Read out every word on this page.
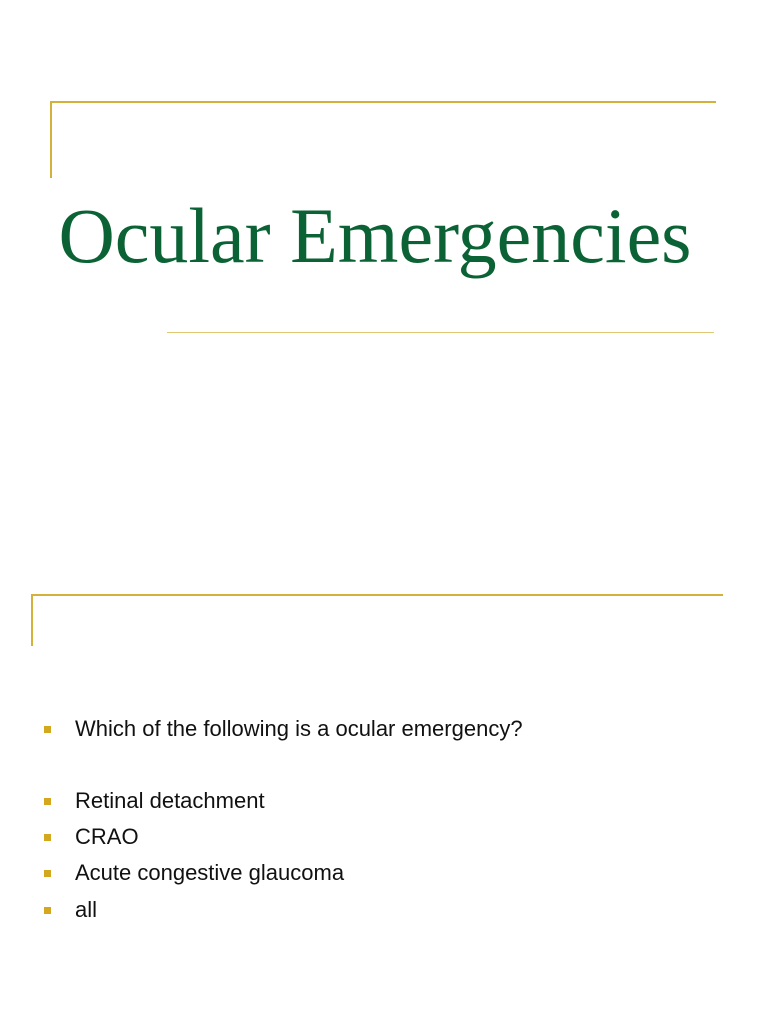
Ocular Emergencies
Which of the following is a ocular emergency?
Retinal detachment
CRAO
Acute congestive glaucoma
all
